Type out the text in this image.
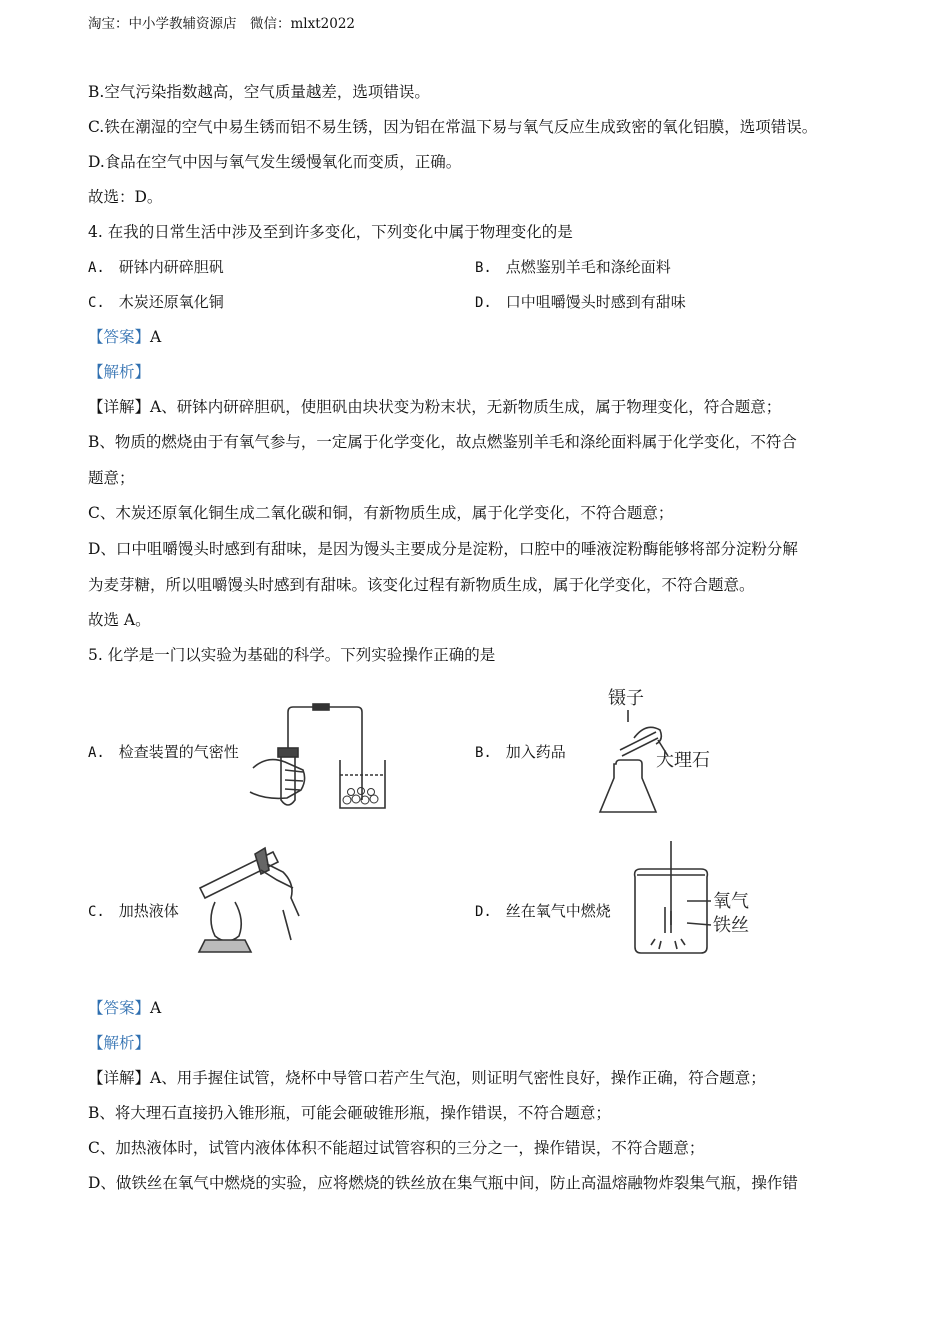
淘宝：中小学教辅资源店　微信：mlxt2022
B.空气污染指数越高，空气质量越差，选项错误。
C.铁在潮湿的空气中易生锈而铝不易生锈，因为铝在常温下易与氧气反应生成致密的氧化铝膜，选项错误。
D.食品在空气中因与氧气发生缓慢氧化而变质，正确。
故选：D。
4. 在我的日常生活中涉及至到许多变化，下列变化中属于物理变化的是
A. 研钵内研碎胆矾	B. 点燃鉴别羊毛和涤纶面料
C. 木炭还原氧化铜	D. 口中咀嚼馒头时感到有甜味
【答案】A
【解析】
【详解】A、研钵内研碎胆矾，使胆矾由块状变为粉末状，无新物质生成，属于物理变化，符合题意；
B、物质的燃烧由于有氧气参与，一定属于化学变化，故点燃鉴别羊毛和涤纶面料属于化学变化，不符合
题意；
C、木炭还原氧化铜生成二氧化碳和铜，有新物质生成，属于化学变化，不符合题意；
D、口中咀嚼馒头时感到有甜味，是因为馒头主要成分是淀粉，口腔中的唾液淀粉酶能够将部分淀粉分解
为麦芽糖，所以咀嚼馒头时感到有甜味。该变化过程有新物质生成，属于化学变化，不符合题意。
故选 A。
5. 化学是一门以实验为基础的科学。下列实验操作正确的是
A. 检查装置的气密性	B. 加入药品
C. 加热液体	D. 丝在氧气中燃烧
镊子
大理石
氧气
铁丝
【答案】A
【解析】
【详解】A、用手握住试管，烧杯中导管口若产生气泡，则证明气密性良好，操作正确，符合题意；
B、将大理石直接扔入锥形瓶，可能会砸破锥形瓶，操作错误，不符合题意；
C、加热液体时，试管内液体体积不能超过试管容积的三分之一，操作错误，不符合题意；
D、做铁丝在氧气中燃烧的实验，应将燃烧的铁丝放在集气瓶中间，防止高温熔融物炸裂集气瓶，操作错
